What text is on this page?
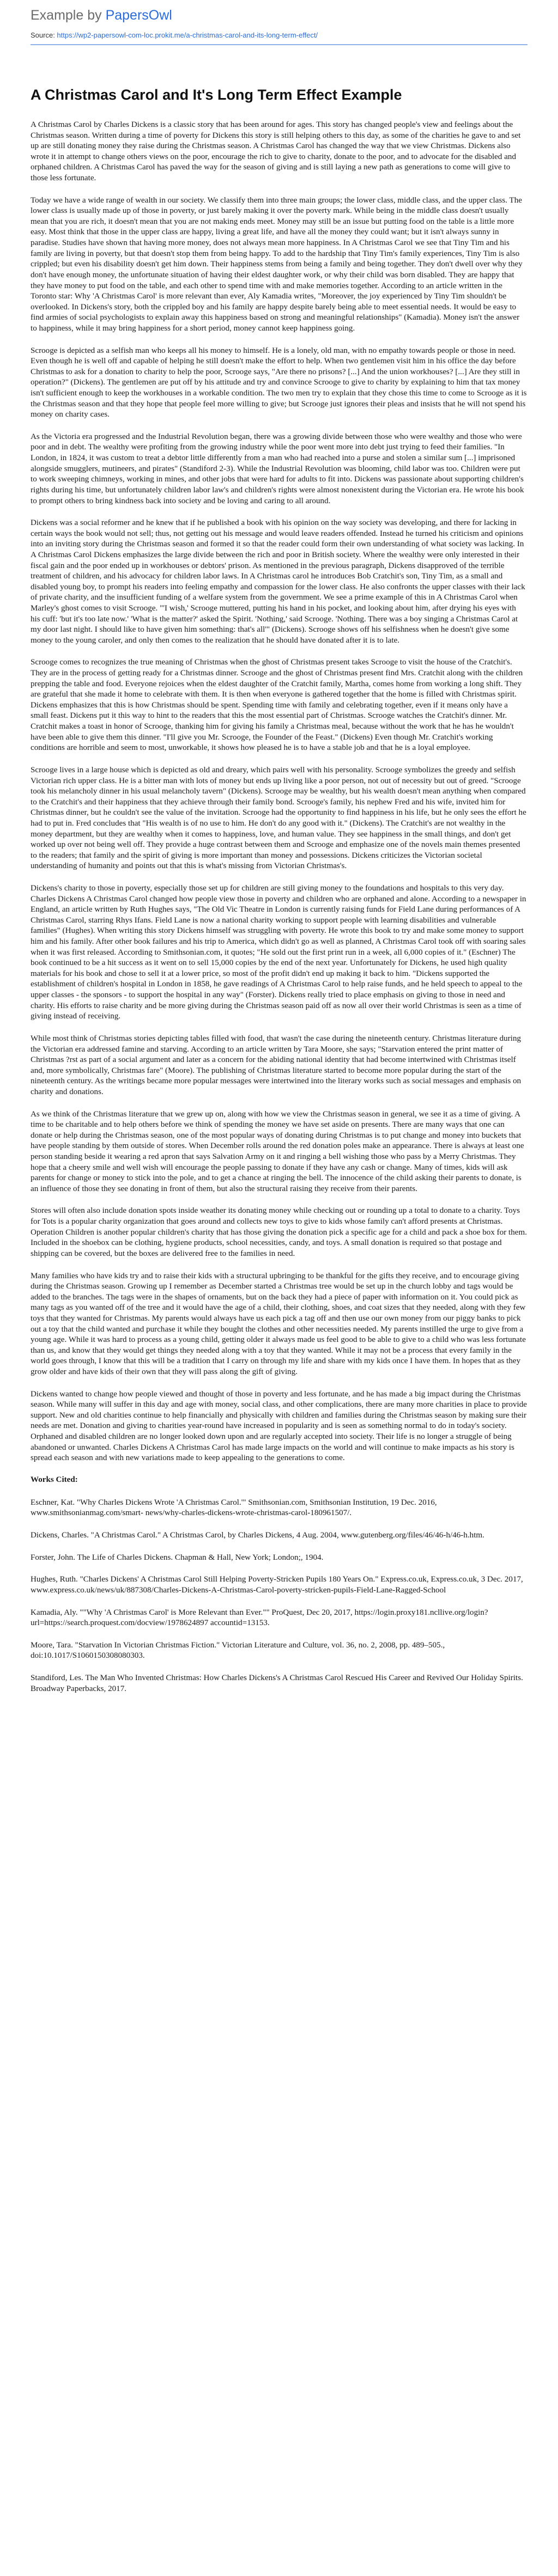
Example by PapersOwl
Source: https://wp2-papersowl-com-loc.prokit.me/a-christmas-carol-and-its-long-term-effect/
A Christmas Carol and It's Long Term Effect Example

A Christmas Carol by Charles Dickens is a classic story that has been around for ages. This story has changed people's view and feelings about the Christmas season. Written during a time of poverty for Dickens this story is still helping others to this day, as some of the charities he gave to and set up are still donating money they raise during the Christmas season. A Christmas Carol has changed the way that we view Christmas. Dickens also wrote it in attempt to change others views on the poor, encourage the rich to give to charity, donate to the poor, and to advocate for the disabled and orphaned children. A Christmas Carol has paved the way for the season of giving and is still laying a new path as generations to come will give to those less fortunate.

Today we have a wide range of wealth in our society. We classify them into three main groups; the lower class, middle class, and the upper class. The lower class is usually made up of those in poverty, or just barely making it over the poverty mark. While being in the middle class doesn't usually mean that you are rich, it doesn't mean that you are not making ends meet. Money may still be an issue but putting food on the table is a little more easy. Most think that those in the upper class are happy, living a great life, and have all the money they could want; but it isn't always sunny in paradise. Studies have shown that having more money, does not always mean more happiness. In A Christmas Carol we see that Tiny Tim and his family are living in poverty, but that doesn't stop them from being happy. To add to the hardship that Tiny Tim's family experiences, Tiny Tim is also crippled; but even his disability doesn't get him down. Their happiness stems from being a family and being together. They don't dwell over why they don't have enough money, the unfortunate situation of having their eldest daughter work, or why their child was born disabled. They are happy that they have money to put food on the table, and each other to spend time with and make memories together. According to an article written in the Toronto star: Why 'A Christmas Carol' is more relevant than ever, Aly Kamadia writes, "Moreover, the joy experienced by Tiny Tim shouldn't be overlooked. In Dickens's story, both the crippled boy and his family are happy despite barely being able to meet essential needs. It would be easy to find armies of social psychologists to explain away this happiness based on strong and meaningful relationships" (Kamadia). Money isn't the answer to happiness, while it may bring happiness for a short period, money cannot keep happiness going.

Scrooge is depicted as a selfish man who keeps all his money to himself. He is a lonely, old man, with no empathy towards people or those in need. Even though he is well off and capable of helping he still doesn't make the effort to help. When two gentlemen visit him in his office the day before Christmas to ask for a donation to charity to help the poor, Scrooge says, "Are there no prisons? [...] And the union workhouses? [...] Are they still in operation?" (Dickens). The gentlemen are put off by his attitude and try and convince Scrooge to give to charity by explaining to him that tax money isn't sufficient enough to keep the workhouses in a workable condition. The two men try to explain that they chose this time to come to Scrooge as it is the Christmas season and that they hope that people feel more willing to give; but Scrooge just ignores their pleas and insists that he will not spend his money on charity cases.

As the Victoria era progressed and the Industrial Revolution began, there was a growing divide between those who were wealthy and those who were poor and in debt. The wealthy were profiting from the growing industry while the poor went more into debt just trying to feed their families. "In London, in 1824, it was custom to treat a debtor little differently from a man who had reached into a purse and stolen a similar sum [...] imprisoned alongside smugglers, mutineers, and pirates" (Standiford 2-3). While the Industrial Revolution was blooming, child labor was too. Children were put to work sweeping chimneys, working in mines, and other jobs that were hard for adults to fit into. Dickens was passionate about supporting children's rights during his time, but unfortunately children labor law's and children's rights were almost nonexistent during the Victorian era. He wrote his book to prompt others to bring kindness back into society and be loving and caring to all around.

Dickens was a social reformer and he knew that if he published a book with his opinion on the way society was developing, and there for lacking in certain ways the book would not sell; thus, not getting out his message and would leave readers offended. Instead he turned his criticism and opinions into an inviting story during the Christmas season and formed it so that the reader could form their own understanding of what society was lacking. In A Christmas Carol Dickens emphasizes the large divide between the rich and poor in British society. Where the wealthy were only interested in their fiscal gain and the poor ended up in workhouses or debtors' prison. As mentioned in the previous paragraph, Dickens disapproved of the terrible treatment of children, and his advocacy for children labor laws. In A Christmas carol he introduces Bob Cratchit's son, Tiny Tim, as a small and disabled young boy, to prompt his readers into feeling empathy and compassion for the lower class. He also confronts the upper classes with their lack of private charity, and the insufficient funding of a welfare system from the government. We see a prime example of this in A Christmas Carol when Marley's ghost comes to visit Scrooge. "'I wish,' Scrooge muttered, putting his hand in his pocket, and looking about him, after drying his eyes with his cuff: 'but it's too late now.' 'What is the matter?' asked the Spirit. 'Nothing,' said Scrooge. 'Nothing. There was a boy singing a Christmas Carol at my door last night. I should like to have given him something: that's all'" (Dickens). Scrooge shows off his selfishness when he doesn't give some money to the young caroler, and only then comes to the realization that he should have donated after it is to late.

Scrooge comes to recognizes the true meaning of Christmas when the ghost of Christmas present takes Scrooge to visit the house of the Cratchit's. They are in the process of getting ready for a Christmas dinner. Scrooge and the ghost of Christmas present find Mrs. Cratchit along with the children prepping the table and food. Everyone rejoices when the eldest daughter of the Cratchit family, Martha, comes home from working a long shift. They are grateful that she made it home to celebrate with them. It is then when everyone is gathered together that the home is filled with Christmas spirit. Dickens emphasizes that this is how Christmas should be spent. Spending time with family and celebrating together, even if it means only have a small feast. Dickens put it this way to hint to the readers that this the most essential part of Christmas. Scrooge watches the Cratchit's dinner. Mr. Cratchit makes a toast in honor of Scrooge, thanking him for giving his family a Christmas meal, because without the work that he has he wouldn't have been able to give them this dinner. "I'll give you Mr. Scrooge, the Founder of the Feast." (Dickens) Even though Mr. Cratchit's working conditions are horrible and seem to most, unworkable, it shows how pleased he is to have a stable job and that he is a loyal employee.

Scrooge lives in a large house which is depicted as old and dreary, which pairs well with his personality. Scrooge symbolizes the greedy and selfish Victorian rich upper class. He is a bitter man with lots of money but ends up living like a poor person, not out of necessity but out of greed. "Scrooge took his melancholy dinner in his usual melancholy tavern" (Dickens). Scrooge may be wealthy, but his wealth doesn't mean anything when compared to the Cratchit's and their happiness that they achieve through their family bond. Scrooge's family, his nephew Fred and his wife, invited him for Christmas dinner, but he couldn't see the value of the invitation. Scrooge had the opportunity to find happiness in his life, but he only sees the effort he had to put in. Fred concludes that "His wealth is of no use to him. He don't do any good with it." (Dickens). The Cratchit's are not wealthy in the money department, but they are wealthy when it comes to happiness, love, and human value. They see happiness in the small things, and don't get worked up over not being well off. They provide a huge contrast between them and Scrooge and emphasize one of the novels main themes presented to the readers; that family and the spirit of giving is more important than money and possessions. Dickens criticizes the Victorian societal understanding of humanity and points out that this is what's missing from Victorian Christmas's.

Dickens's charity to those in poverty, especially those set up for children are still giving money to the foundations and hospitals to this very day. Charles Dickens A Christmas Carol changed how people view those in poverty and children who are orphaned and alone. According to a newspaper in England, an article written by Ruth Hughes says, "The Old Vic Theatre in London is currently raising funds for Field Lane during performances of A Christmas Carol, starring Rhys Ifans. Field Lane is now a national charity working to support people with learning disabilities and vulnerable families" (Hughes). When writing this story Dickens himself was struggling with poverty. He wrote this book to try and make some money to support him and his family. After other book failures and his trip to America, which didn't go as well as planned, A Christmas Carol took off with soaring sales when it was first released. According to Smithsonian.com, it quotes; "He sold out the first print run in a week, all 6,000 copies of it." (Eschner) The book continued to be a hit success as it went on to sell 15,000 copies by the end of the next year. Unfortunately for Dickens, he used high quality materials for his book and chose to sell it at a lower price, so most of the profit didn't end up making it back to him. "Dickens supported the establishment of children's hospital in London in 1858, he gave readings of A Christmas Carol to help raise funds, and he held speech to appeal to the upper classes - the sponsors - to support the hospital in any way" (Forster). Dickens really tried to place emphasis on giving to those in need and charity. His efforts to raise charity and be more giving during the Christmas season paid off as now all over their world Christmas is seen as a time of giving instead of receiving.

While most think of Christmas stories depicting tables filled with food, that wasn't the case during the nineteenth century. Christmas literature during the Victorian era addressed famine and starving. According to an article written by Tara Moore, she says; "Starvation entered the print matter of Christmas ?rst as part of a social argument and later as a concern for the abiding national identity that had become intertwined with Christmas itself and, more symbolically, Christmas fare" (Moore). The publishing of Christmas literature started to become more popular during the start of the nineteenth century. As the writings became more popular messages were intertwined into the literary works such as social messages and emphasis on charity and donations.

As we think of the Christmas literature that we grew up on, along with how we view the Christmas season in general, we see it as a time of giving. A time to be charitable and to help others before we think of spending the money we have set aside on presents. There are many ways that one can donate or help during the Christmas season, one of the most popular ways of donating during Christmas is to put change and money into buckets that have people standing by them outside of stores. When December rolls around the red donation poles make an appearance. There is always at least one person standing beside it wearing a red apron that says Salvation Army on it and ringing a bell wishing those who pass by a Merry Christmas. They hope that a cheery smile and well wish will encourage the people passing to donate if they have any cash or change. Many of times, kids will ask parents for change or money to stick into the pole, and to get a chance at ringing the bell. The innocence of the child asking their parents to donate, is an influence of those they see donating in front of them, but also the structural raising they receive from their parents.

Stores will often also include donation spots inside weather its donating money while checking out or rounding up a total to donate to a charity. Toys for Tots is a popular charity organization that goes around and collects new toys to give to kids whose family can't afford presents at Christmas. Operation Children is another popular children's charity that has those giving the donation pick a specific age for a child and pack a shoe box for them. Included in the shoebox can be clothing, hygiene products, school necessities, candy, and toys. A small donation is required so that postage and shipping can be covered, but the boxes are delivered free to the families in need.

Many families who have kids try and to raise their kids with a structural upbringing to be thankful for the gifts they receive, and to encourage giving during the Christmas season. Growing up I remember as December started a Christmas tree would be set up in the church lobby and tags would be added to the branches. The tags were in the shapes of ornaments, but on the back they had a piece of paper with information on it. You could pick as many tags as you wanted off of the tree and it would have the age of a child, their clothing, shoes, and coat sizes that they needed, along with they few toys that they wanted for Christmas. My parents would always have us each pick a tag off and then use our own money from our piggy banks to pick out a toy that the child wanted and purchase it while they bought the clothes and other necessities needed. My parents instilled the urge to give from a young age. While it was hard to process as a young child, getting older it always made us feel good to be able to give to a child who was less fortunate than us, and know that they would get things they needed along with a toy that they wanted. While it may not be a process that every family in the world goes through, I know that this will be a tradition that I carry on through my life and share with my kids once I have them. In hopes that as they grow older and have kids of their own that they will pass along the gift of giving.

Dickens wanted to change how people viewed and thought of those in poverty and less fortunate, and he has made a big impact during the Christmas season. While many will suffer in this day and age with money, social class, and other complications, there are many more charities in place to provide support. New and old charities continue to help financially and physically with children and families during the Christmas season by making sure their needs are met. Donation and giving to charities year-round have increased in popularity and is seen as something normal to do in today's society. Orphaned and disabled children are no longer looked down upon and are regularly accepted into society. Their life is no longer a struggle of being abandoned or unwanted. Charles Dickens A Christmas Carol has made large impacts on the world and will continue to make impacts as his story is spread each season and with new variations made to keep appealing to the generations to come.

Works Cited:

Eschner, Kat. "Why Charles Dickens Wrote 'A Christmas Carol.'" Smithsonian.com, Smithsonian Institution, 19 Dec. 2016, www.smithsonianmag.com/smart- news/why-charles-dickens-wrote-christmas-carol-180961507/.

Dickens, Charles. "A Christmas Carol." A Christmas Carol, by Charles Dickens, 4 Aug. 2004, www.gutenberg.org/files/46/46-h/46-h.htm.

Forster, John. The Life of Charles Dickens. Chapman & Hall, New York; London;, 1904.

Hughes, Ruth. "Charles Dickens' A Christmas Carol Still Helping Poverty-Stricken Pupils 180 Years On." Express.co.uk, Express.co.uk, 3 Dec. 2017, www.express.co.uk/news/uk/887308/Charles-Dickens-A-Christmas-Carol-poverty-stricken-pupils-Field-Lane-Ragged-School

Kamadia, Aly. ""Why 'A Christmas Carol' is More Relevant than Ever."" ProQuest, Dec 20, 2017, https://login.proxy181.ncllive.org/login?url=https://search.proquest.com/docview/1978624897 accountid=13153.

Moore, Tara. "Starvation In Victorian Christmas Fiction." Victorian Literature and Culture, vol. 36, no. 2, 2008, pp. 489–505., doi:10.1017/S1060150308080303.

Standiford, Les. The Man Who Invented Christmas: How Charles Dickens's A Christmas Carol Rescued His Career and Revived Our Holiday Spirits. Broadway Paperbacks, 2017.
